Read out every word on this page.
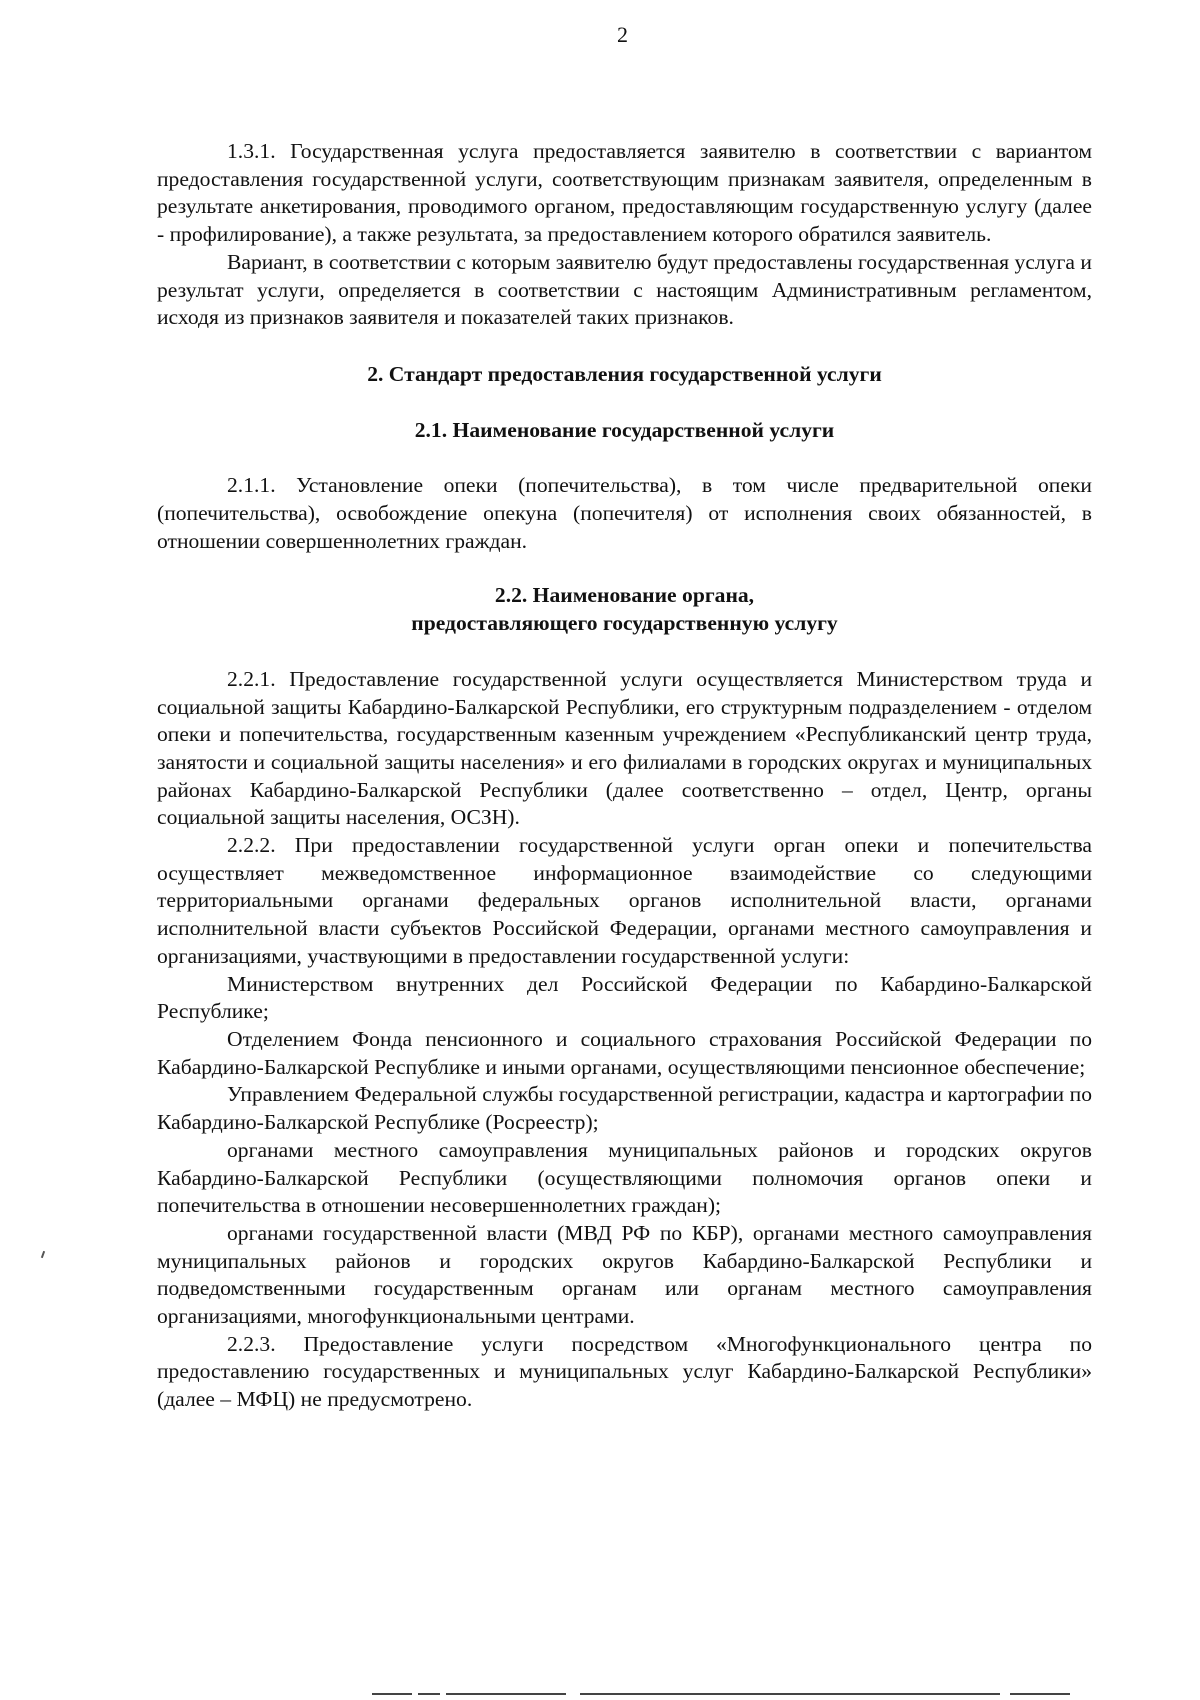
2

1.3.1. Государственная услуга предоставляется заявителю в соответствии с вариантом предоставления государственной услуги, соответствующим признакам заявителя, определенным в результате анкетирования, проводимого органом, предоставляющим государственную услугу (далее - профилирование), а также результата, за предоставлением которого обратился заявитель.

Вариант, в соответствии с которым заявителю будут предоставлены государственная услуга и результат услуги, определяется в соответствии с настоящим Административным регламентом, исходя из признаков заявителя и показателей таких признаков.

2. Стандарт предоставления государственной услуги

2.1. Наименование государственной услуги

2.1.1. Установление опеки (попечительства), в том числе предварительной опеки (попечительства), освобождение опекуна (попечителя) от исполнения своих обязанностей, в отношении совершеннолетних граждан.

2.2. Наименование органа,

предоставляющего государственную услугу

2.2.1. Предоставление государственной услуги осуществляется Министерством труда и социальной защиты Кабардино-Балкарской Республики, его структурным подразделением - отделом опеки и попечительства, государственным казенным учреждением «Республиканский центр труда, занятости и социальной защиты населения» и его филиалами в городских округах и муниципальных районах Кабардино-Балкарской Республики (далее соответственно – отдел, Центр, органы социальной защиты населения, ОСЗН).

2.2.2. При предоставлении государственной услуги орган опеки и попечительства осуществляет межведомственное информационное взаимодействие со следующими территориальными органами федеральных органов исполнительной власти, органами исполнительной власти субъектов Российской Федерации, органами местного самоуправления и организациями, участвующими в предоставлении государственной услуги:

Министерством внутренних дел Российской Федерации по Кабардино-Балкарской Республике;

Отделением Фонда пенсионного и социального страхования Российской Федерации по Кабардино-Балкарской Республике и иными органами, осуществляющими пенсионное обеспечение;

Управлением Федеральной службы государственной регистрации, кадастра и картографии по Кабардино-Балкарской Республике (Росреестр);

органами местного самоуправления муниципальных районов и городских округов Кабардино-Балкарской Республики (осуществляющими полномочия органов опеки и попечительства в отношении несовершеннолетних граждан);

органами государственной власти (МВД РФ по КБР), органами местного самоуправления муниципальных районов и городских округов Кабардино-Балкарской Республики и подведомственными государственным органам или органам местного самоуправления организациями, многофункциональными центрами.

2.2.3. Предоставление услуги посредством «Многофункционального центра по предоставлению государственных и муниципальных услуг Кабардино-Балкарской Республики» (далее – МФЦ) не предусмотрено.
